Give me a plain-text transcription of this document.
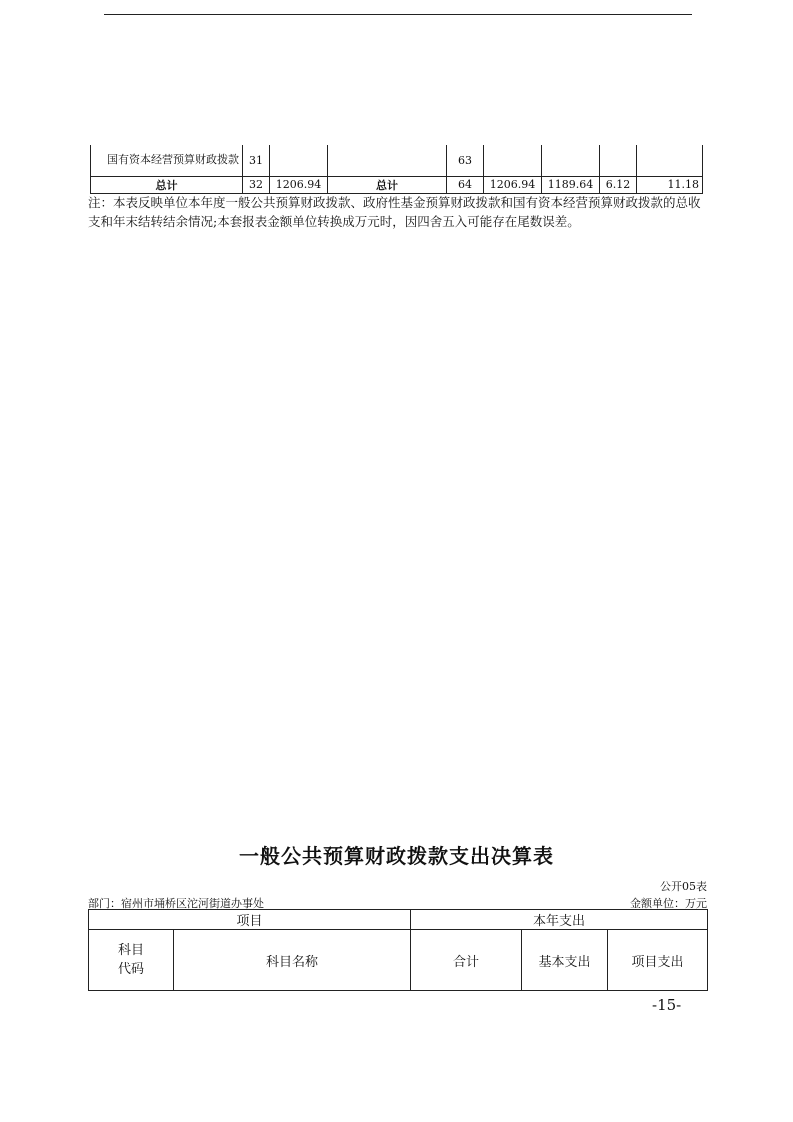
国有资本经营预算财政拨款	31			63				
总计	32	1206.94	总计	64	1206.94	1189.64	6.12	11.18
注：本表反映单位本年度一般公共预算财政拨款、政府性基金预算财政拨款和国有资本经营预算财政拨款的总收支和年末结转结余情况;本套报表金额单位转换成万元时，因四舍五入可能存在尾数误差。
一般公共预算财政拨款支出决算表
公开05表
部门：宿州市埇桥区沱河街道办事处	金额单位：万元
项目		本年支出		
科目代码	科目名称	合计	基本支出	项目支出
-15-
